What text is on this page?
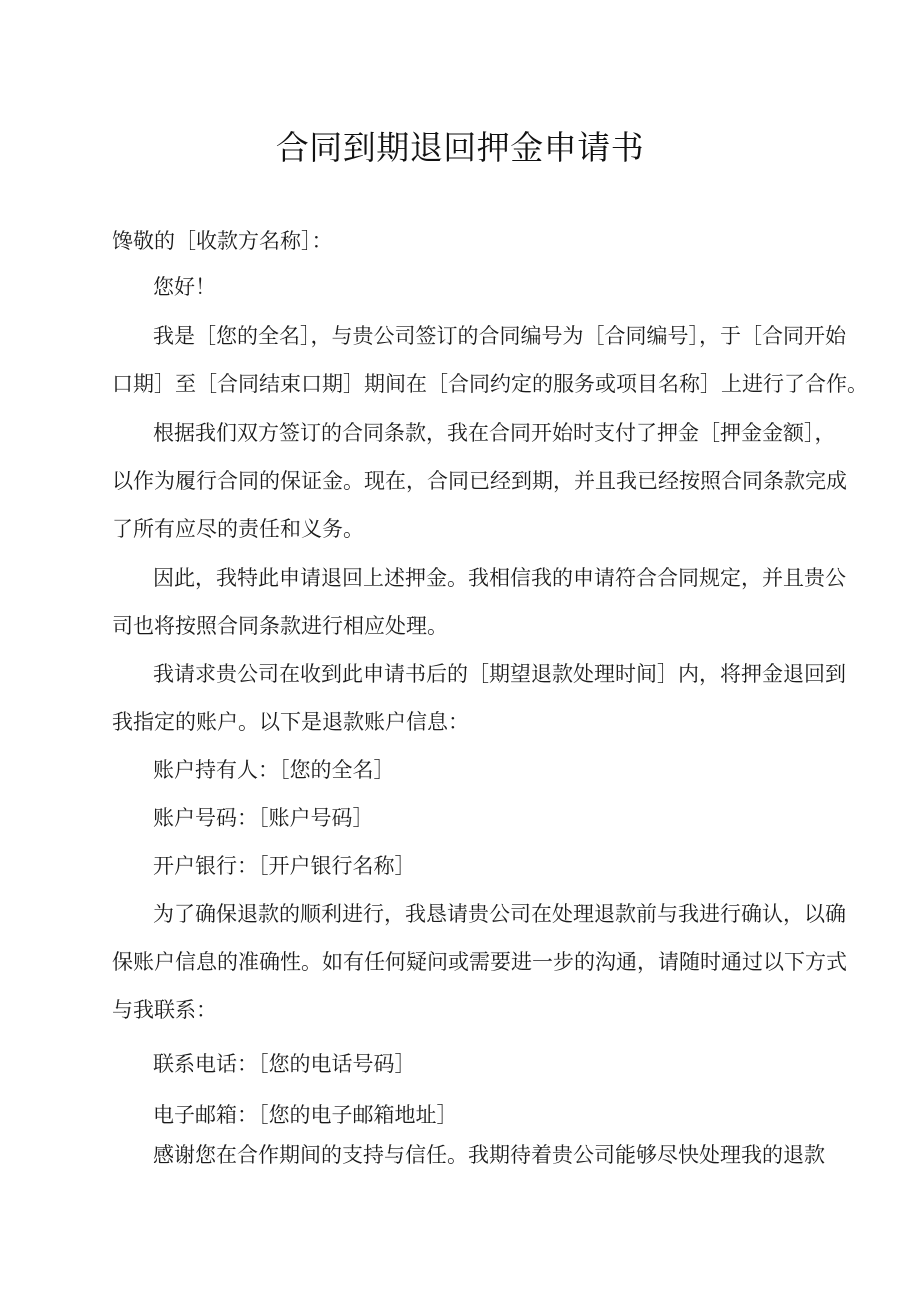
合同到期退回押金申请书
馋敬的［收款方名称］：
您好！
我是［您的全名］，与贵公司签订的合同编号为［合同编号］，于［合同开始
口期］至［合同结束口期］期间在［合同约定的服务或项目名称］上进行了合作。
根据我们双方签订的合同条款，我在合同开始时支付了押金［押金金额］，
以作为履行合同的保证金。现在，合同已经到期，并且我已经按照合同条款完成
了所有应尽的责任和义务。
因此，我特此申请退回上述押金。我相信我的申请符合合同规定，并且贵公
司也将按照合同条款进行相应处理。
我请求贵公司在收到此申请书后的［期望退款处理时间］内，将押金退回到
我指定的账户。以下是退款账户信息：
账户持有人：［您的全名］
账户号码：［账户号码］
开户银行：［开户银行名称］
为了确保退款的顺利进行，我恳请贵公司在处理退款前与我进行确认，以确
保账户信息的准确性。如有任何疑问或需要进一步的沟通，请随时通过以下方式
与我联系：
联系电话：［您的电话号码］
电子邮箱：［您的电子邮箱地址］
感谢您在合作期间的支持与信任。我期待着贵公司能够尽快处理我的退款
